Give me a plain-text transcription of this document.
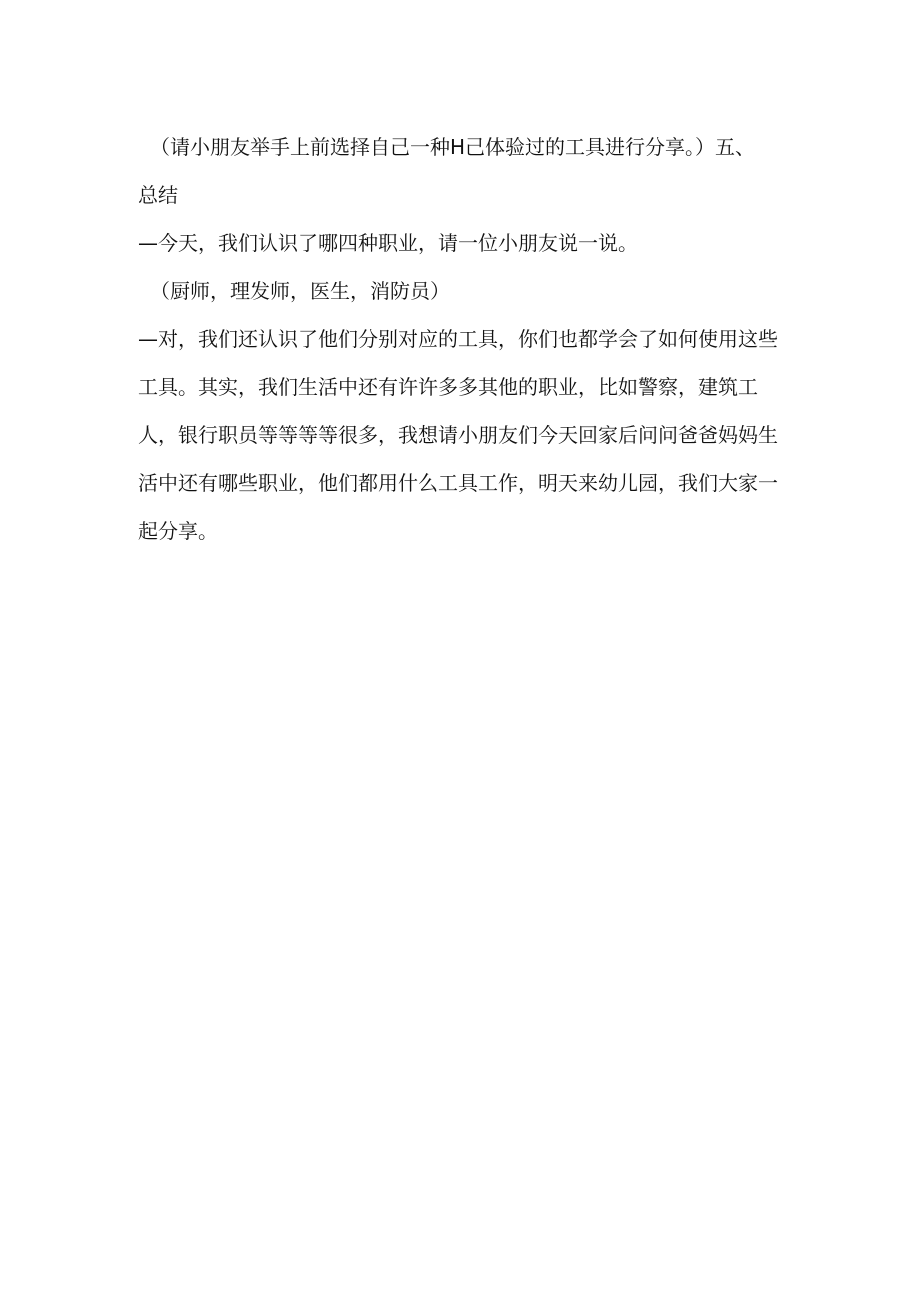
（请小朋友举手上前选择自己一种H己体验过的工具进行分享。）五、
总结
—今天，我们认识了哪四种职业，请一位小朋友说一说。
（厨师，理发师，医生，消防员）
—对，我们还认识了他们分别对应的工具，你们也都学会了如何使用这些
工具。其实，我们生活中还有许许多多其他的职业，比如警察，建筑工
人，银行职员等等等等很多，我想请小朋友们今天回家后问问爸爸妈妈生
活中还有哪些职业，他们都用什么工具工作，明天来幼儿园，我们大家一
起分享。
